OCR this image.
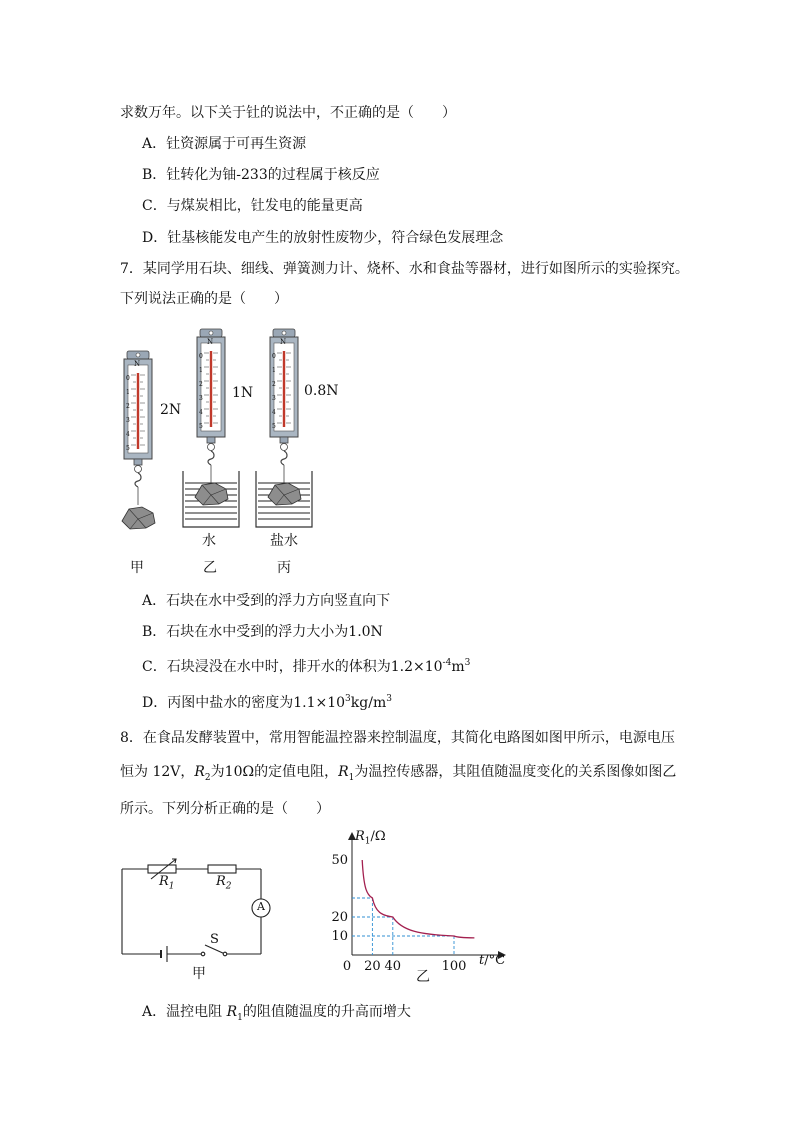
求数万年。以下关于钍的说法中，不正确的是（　　）
A．钍资源属于可再生资源
B．钍转化为铀-233的过程属于核反应
C．与煤炭相比，钍发电的能量更高
D．钍基核能发电产生的放射性废物少，符合绿色发展理念
7．某同学用石块、细线、弹簧测力计、烧杯、水和食盐等器材，进行如图所示的实验探究。
下列说法正确的是（　　）
N
N	N
0
1
2
3
4
5
0
1
2
3
4
5
0
1
2
3
4
5
2N
1N	0.8N
水	盐水
甲	乙	丙
A．石块在水中受到的浮力方向竖直向下
B．石块在水中受到的浮力大小为1.0N
C．石块浸没在水中时，排开水的体积为$1.2\times 10^{-4}m^3$
D．丙图中盐水的密度为$1.1\times 10^3kg/m^3$
8．在食品发酵装置中，常用智能温控器来控制温度，其简化电路图如图甲所示，电源电压
恒为 12V，$R_2$为10Ω的定值电阻，$R_1$为温控传感器，其阻值随温度变化的关系图像如图乙
所示。下列分析正确的是（　　）
$R_1$	$R_2$
A
S
甲	0 20 40	100
10
20
50
$R_1/\Omega$
t/°C
乙
A．温控电阻 $R_1$的阻值随温度的升高而增大
